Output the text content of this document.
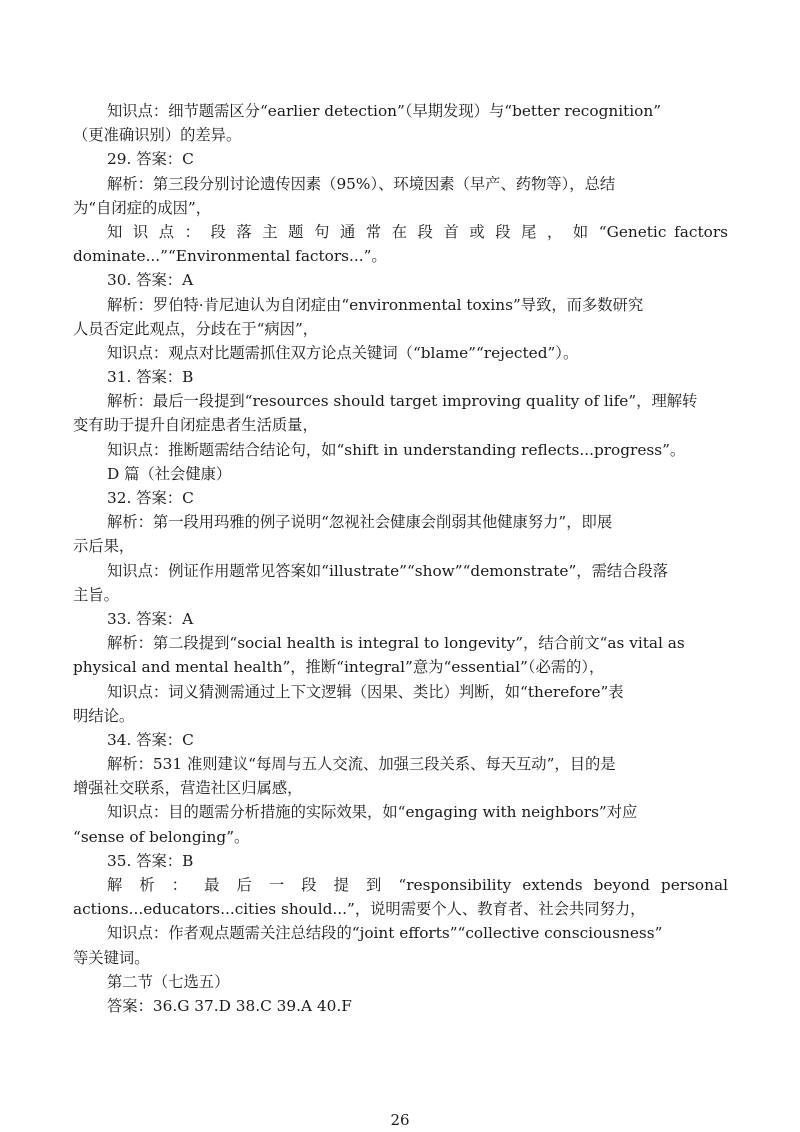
知识点：细节题需区分“earlier detection”（早期发现）与“better recognition”
（更准确识别）的差异。
29. 答案：C
解析：第三段分别讨论遗传因素（95%）、环境因素（早产、药物等），总结
为“自闭症的成因”，
知 识 点 ： 段 落 主 题 句 通 常 在 段 首 或 段 尾 ， 如 “Genetic factors
dominate...”“Environmental factors...”。
30. 答案：A
解析：罗伯特·肯尼迪认为自闭症由“environmental toxins”导致，而多数研究
人员否定此观点，分歧在于“病因”，
知识点：观点对比题需抓住双方论点关键词（“blame”“rejected”）。
31. 答案：B
解析：最后一段提到“resources should target improving quality of life”，理解转
变有助于提升自闭症患者生活质量，
知识点：推断题需结合结论句，如“shift in understanding reflects...progress”。
D 篇（社会健康）
32. 答案：C
解析：第一段用玛雅的例子说明“忽视社会健康会削弱其他健康努力”，即展
示后果，
知识点：例证作用题常见答案如“illustrate”“show”“demonstrate”，需结合段落
主旨。
33. 答案：A
解析：第二段提到“social health is integral to longevity”，结合前文“as vital as
physical and mental health”，推断“integral”意为“essential”（必需的），
知识点：词义猜测需通过上下文逻辑（因果、类比）判断，如“therefore”表
明结论。
34. 答案：C
解析：531 准则建议“每周与五人交流、加强三段关系、每天互动”，目的是
增强社交联系，营造社区归属感，
知识点：目的题需分析措施的实际效果，如“engaging with neighbors”对应
“sense of belonging”。
35. 答案：B
解 析 ： 最 后 一 段 提 到 “responsibility extends beyond personal
actions...educators...cities should...”，说明需要个人、教育者、社会共同努力，
知识点：作者观点题需关注总结段的“joint efforts”“collective consciousness”
等关键词。
第二节（七选五）
答案：36.G 37.D 38.C 39.A 40.F
26
